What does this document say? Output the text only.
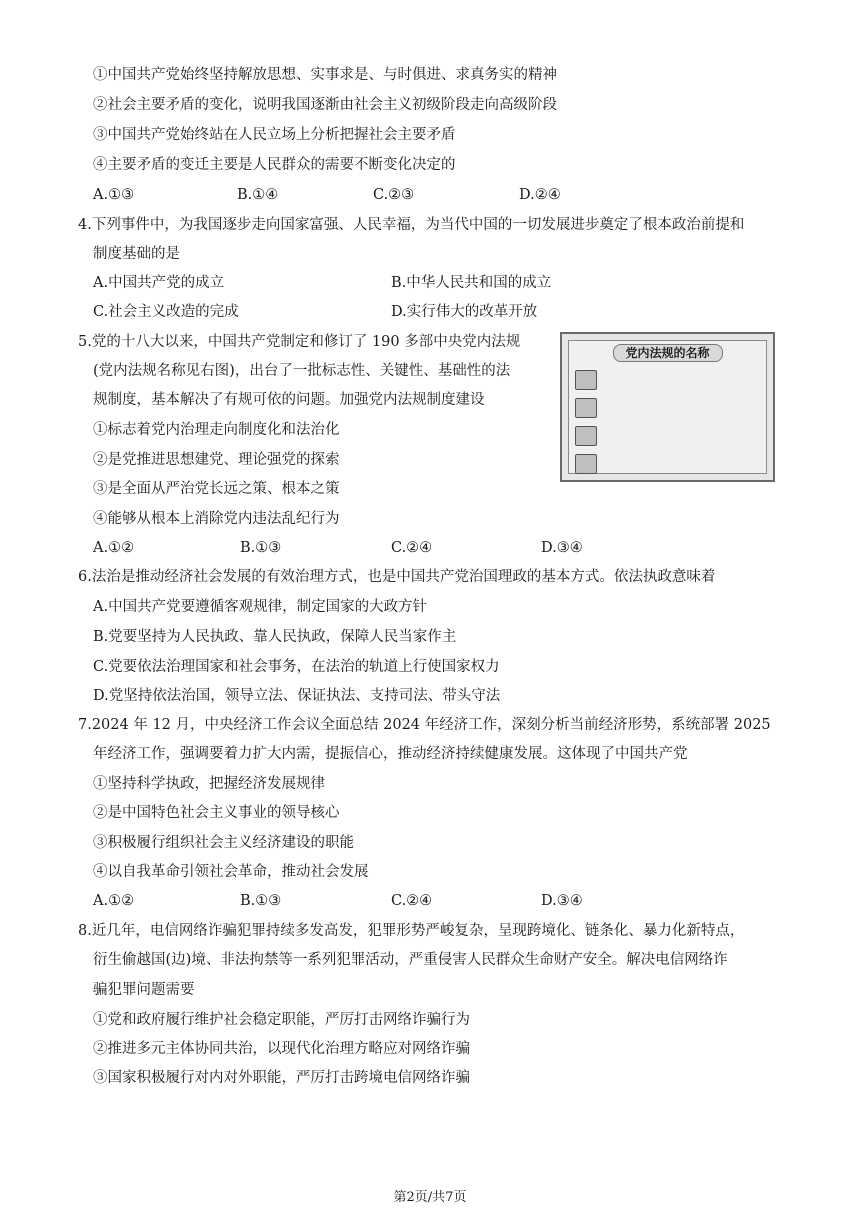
①中国共产党始终坚持解放思想、实事求是、与时俱进、求真务实的精神
②社会主要矛盾的变化，说明我国逐渐由社会主义初级阶段走向高级阶段
③中国共产党始终站在人民立场上分析把握社会主要矛盾
④主要矛盾的变迁主要是人民群众的需要不断变化决定的
A.①③	B.①④	C.②③	D.②④
4.下列事件中，为我国逐步走向国家富强、人民幸福，为当代中国的一切发展进步奠定了根本政治前提和
制度基础的是
A.中国共产党的成立	B.中华人民共和国的成立
C.社会主义改造的完成	D.实行伟大的改革开放
5.党的十八大以来，中国共产党制定和修订了 190 多部中央党内法规
(党内法规名称见右图)，出台了一批标志性、关键性、基础性的法
规制度，基本解决了有规可依的问题。加强党内法规制度建设
①标志着党内治理走向制度化和法治化
②是党推进思想建党、理论强党的探索
③是全面从严治党长远之策、根本之策
④能够从根本上消除党内违法乱纪行为
A.①②	B.①③	C.②④	D.③④
党内法规的名称
6.法治是推动经济社会发展的有效治理方式，也是中国共产党治国理政的基本方式。依法执政意味着
A.中国共产党要遵循客观规律，制定国家的大政方针
B.党要坚持为人民执政、靠人民执政，保障人民当家作主
C.党要依法治理国家和社会事务，在法治的轨道上行使国家权力
D.党坚持依法治国，领导立法、保证执法、支持司法、带头守法
7.2024 年 12 月，中央经济工作会议全面总结 2024 年经济工作，深刻分析当前经济形势，系统部署 2025
年经济工作，强调要着力扩大内需，提振信心，推动经济持续健康发展。这体现了中国共产党
①坚持科学执政，把握经济发展规律
②是中国特色社会主义事业的领导核心
③积极履行组织社会主义经济建设的职能
④以自我革命引领社会革命，推动社会发展
A.①②	B.①③	C.②④	D.③④
8.近几年，电信网络诈骗犯罪持续多发高发，犯罪形势严峻复杂，呈现跨境化、链条化、暴力化新特点，
衍生偷越国(边)境、非法拘禁等一系列犯罪活动，严重侵害人民群众生命财产安全。解决电信网络诈
骗犯罪问题需要
①党和政府履行维护社会稳定职能，严厉打击网络诈骗行为
②推进多元主体协同共治，以现代化治理方略应对网络诈骗
③国家积极履行对内对外职能，严厉打击跨境电信网络诈骗
第2页/共7页
